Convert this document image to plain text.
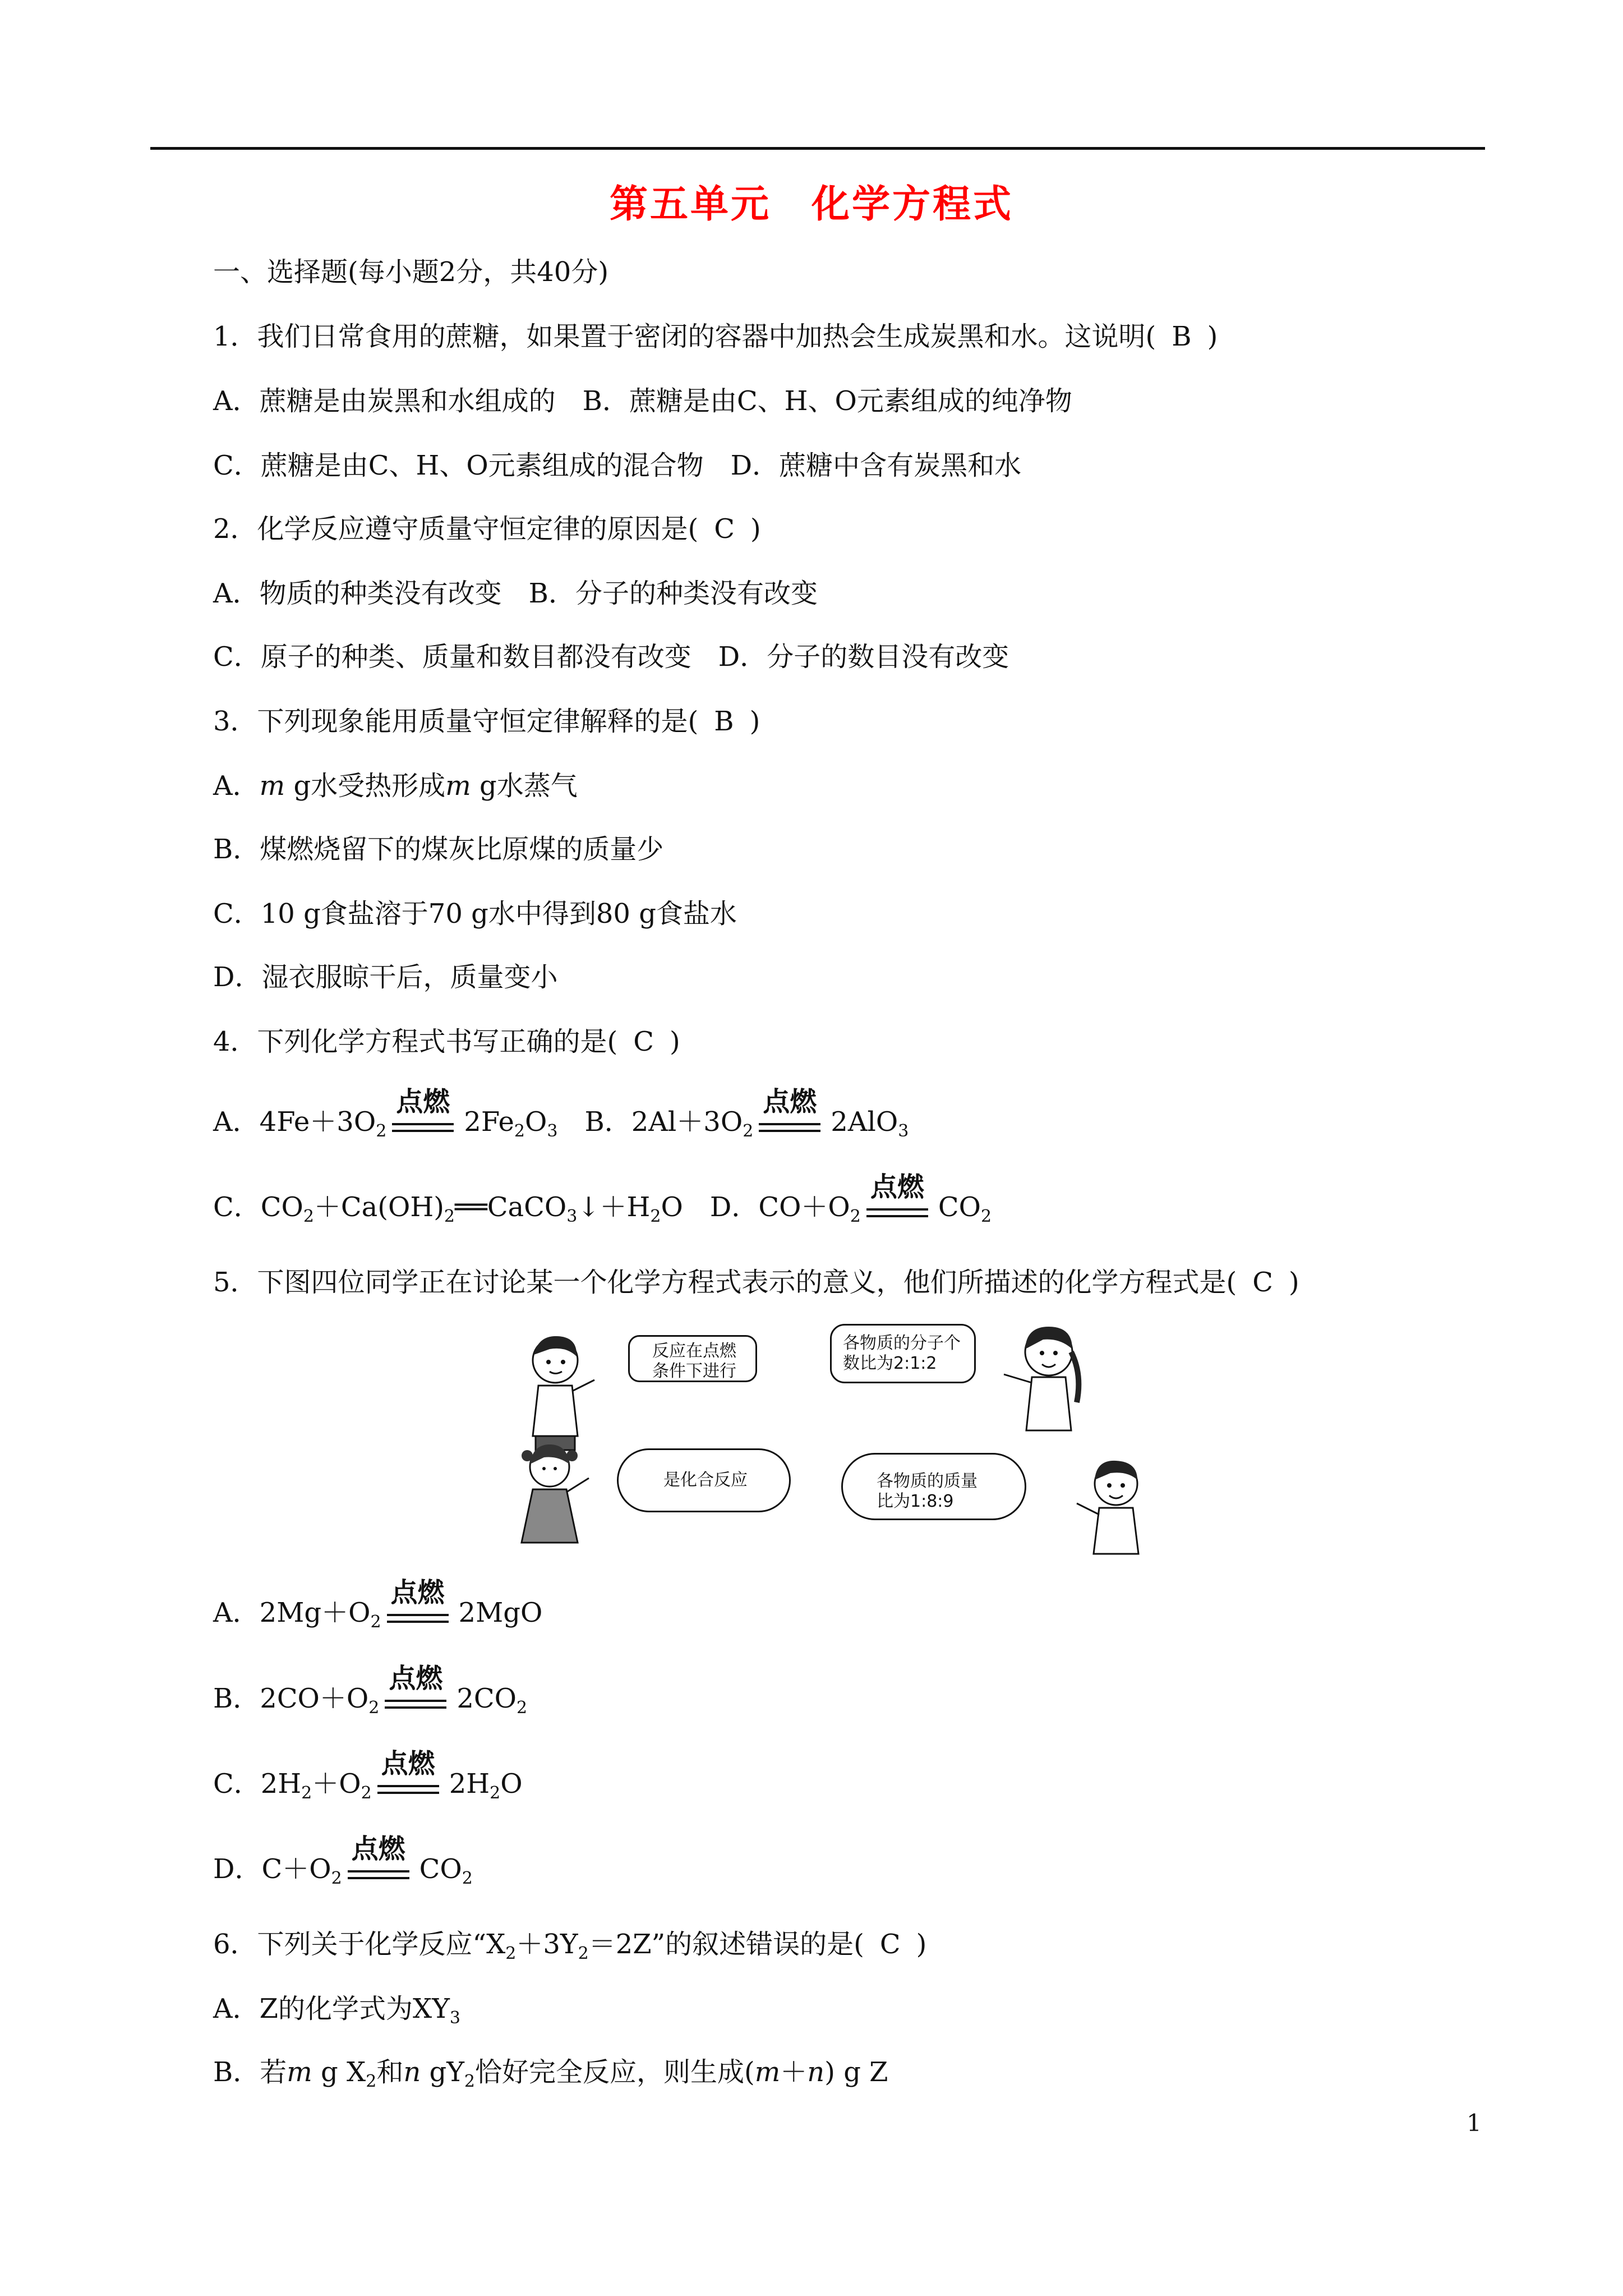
第五单元　化学方程式
一、选择题(每小题2分，共40分)
1．我们日常食用的蔗糖，如果置于密闭的容器中加热会生成炭黑和水。这说明( B )
A．蔗糖是由炭黑和水组成的　B．蔗糖是由C、H、O元素组成的纯净物
C．蔗糖是由C、H、O元素组成的混合物　D．蔗糖中含有炭黑和水
2．化学反应遵守质量守恒定律的原因是( C )
A．物质的种类没有改变　B．分子的种类没有改变
C．原子的种类、质量和数目都没有改变　D．分子的数目没有改变
3．下列现象能用质量守恒定律解释的是( B )
A．m g水受热形成m g水蒸气
B．煤燃烧留下的煤灰比原煤的质量少
C．10 g食盐溶于70 g水中得到80 g食盐水
D．湿衣服晾干后，质量变小
4．下列化学方程式书写正确的是( C )
A．$4Fe+3O_2$
点燃
$2Fe_2O_3$　B．$2Al+3O_2$
点燃
2AlO$_3$
C．$CO_2+Ca(OH)_2══CaCO_3↓+H_2O$　D．$CO+O_2$
点燃
$CO_2$
5．下图四位同学正在讨论某一个化学方程式表示的意义，他们所描述的化学方程式是( C )
反应在点燃
条件下进行
各物质的分子个
数比为2:1:2
是化合反应	各物质的质量
比为1:8:9
A．$2Mg+O_2$
点燃
2MgO
B．$2CO+O_2$
点燃
$2CO_2$
C．$2H_2+O_2$
点燃
$2H_2O$
D．$C+O_2$
点燃
$CO_2$
6．下列关于化学反应“$X_2+3Y_2=2Z$”的叙述错误的是( C )
A．Z的化学式为$XY_3$
B．若m g $X_2$和n $gY_2$恰好完全反应，则生成(m＋n) g Z
1
